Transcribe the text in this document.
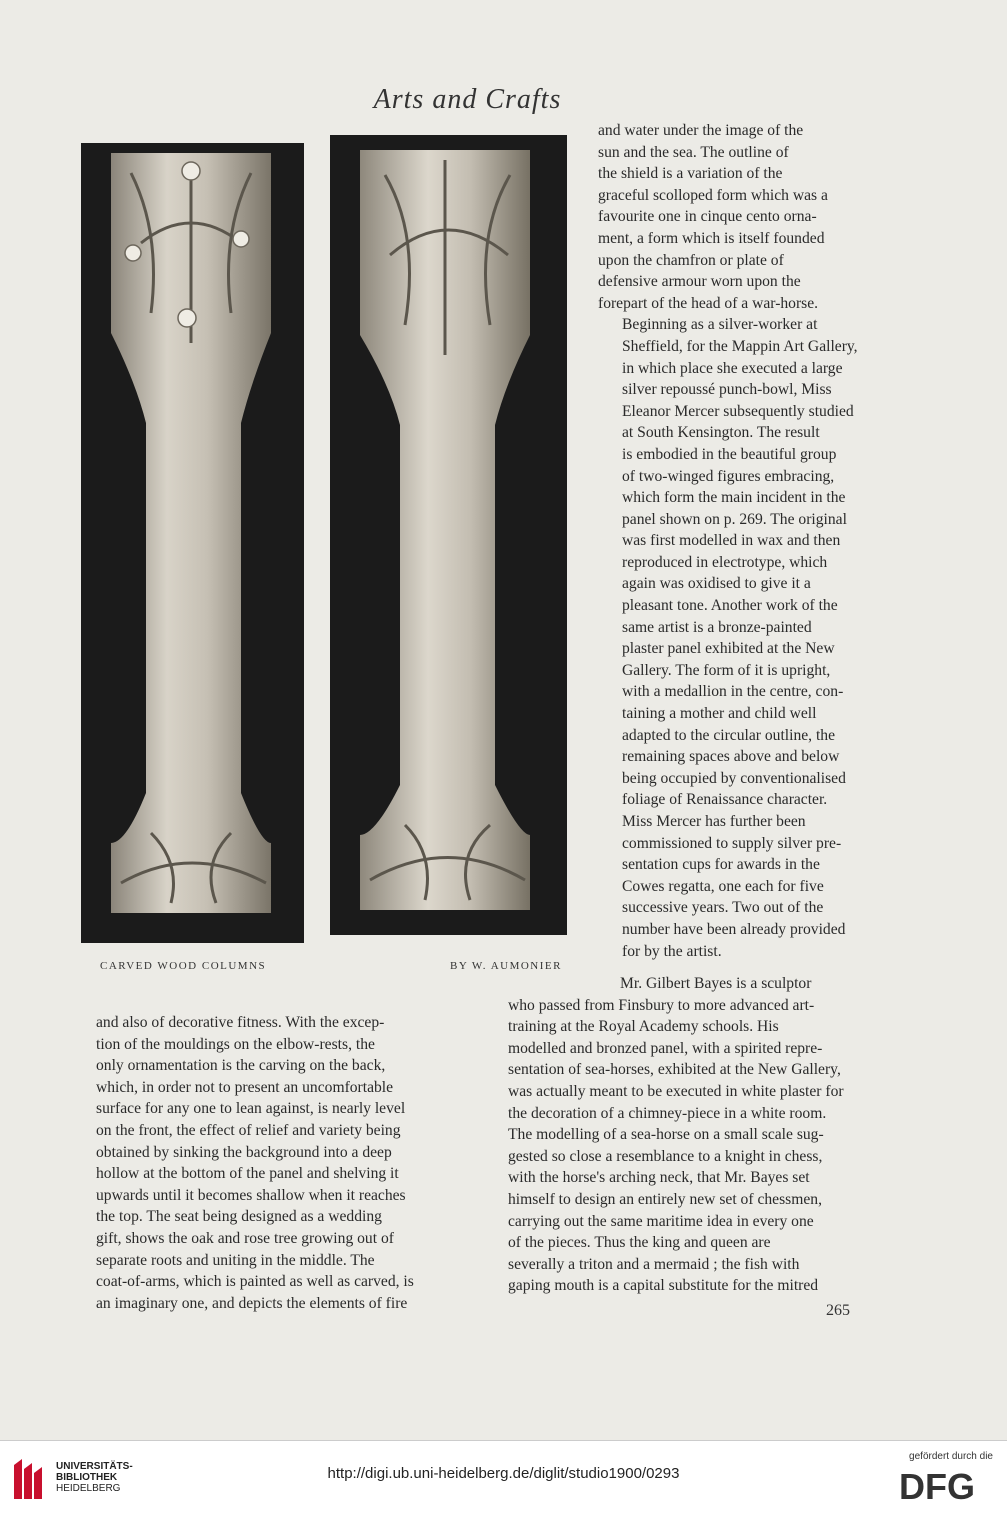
Arts and Crafts
CARVED WOOD COLUMNS	BY W. AUMONIER

and water under the image of the
sun and the sea. The outline of
the shield is a variation of the
graceful scolloped form which was a
favourite one in cinque cento orna-
ment, a form which is itself founded
upon the chamfron or plate of
defensive armour worn upon the
forepart of the head of a war-horse.

Beginning as a silver-worker at
Sheffield, for the Mappin Art Gallery,
in which place she executed a large
silver repoussé punch-bowl, Miss
Eleanor Mercer subsequently studied
at South Kensington. The result
is embodied in the beautiful group
of two-winged figures embracing,
which form the main incident in the
panel shown on p. 269. The original
was first modelled in wax and then
reproduced in electrotype, which
again was oxidised to give it a
pleasant tone. Another work of the
same artist is a bronze-painted
plaster panel exhibited at the New
Gallery. The form of it is upright,
with a medallion in the centre, con-
taining a mother and child well
adapted to the circular outline, the
remaining spaces above and below
being occupied by conventionalised
foliage of Renaissance character.
Miss Mercer has further been
commissioned to supply silver pre-
sentation cups for awards in the
Cowes regatta, one each for five
successive years. Two out of the
number have been already provided
for by the artist.

Mr. Gilbert Bayes is a sculptor
who passed from Finsbury to more advanced art-
training at the Royal Academy schools. His
modelled and bronzed panel, with a spirited repre-
sentation of sea-horses, exhibited at the New Gallery,
was actually meant to be executed in white plaster for
the decoration of a chimney-piece in a white room.
The modelling of a sea-horse on a small scale sug-
gested so close a resemblance to a knight in chess,
with the horse's arching neck, that Mr. Bayes set
himself to design an entirely new set of chessmen,
carrying out the same maritime idea in every one
of the pieces. Thus the king and queen are
severally a triton and a mermaid ; the fish with
gaping mouth is a capital substitute for the mitred

and also of decorative fitness. With the excep-
tion of the mouldings on the elbow-rests, the
only ornamentation is the carving on the back,
which, in order not to present an uncomfortable
surface for any one to lean against, is nearly level
on the front, the effect of relief and variety being
obtained by sinking the background into a deep
hollow at the bottom of the panel and shelving it
upwards until it becomes shallow when it reaches
the top. The seat being designed as a wedding
gift, shows the oak and rose tree growing out of
separate roots and uniting in the middle. The
coat-of-arms, which is painted as well as carved, is
an imaginary one, and depicts the elements of fire	265
UNIVERSITÄTS-
BIBLIOTHEK
HEIDELBERG
http://digi.ub.uni-heidelberg.de/diglit/studio1900/0293
gefördert durch die
DFG
